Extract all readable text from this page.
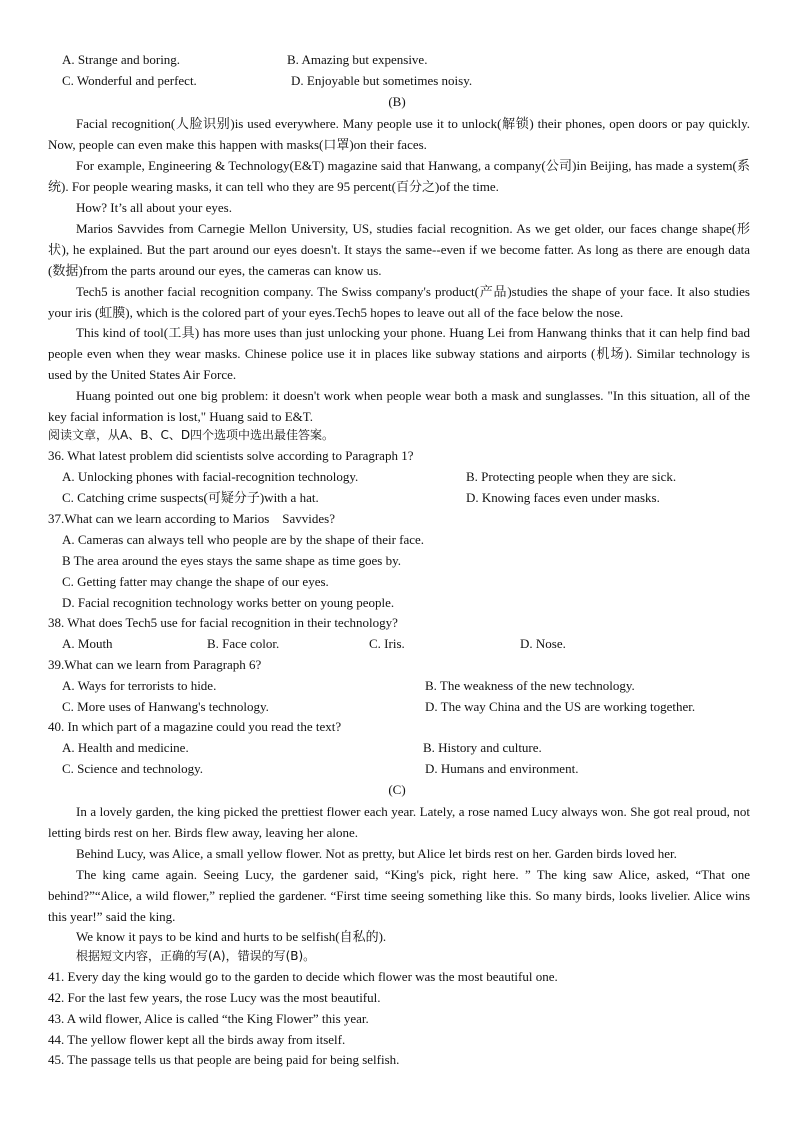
A. Strange and boring.	B. Amazing but expensive.
C. Wonderful and perfect.	D. Enjoyable but sometimes noisy.
(B)
Facial recognition(人脸识别)is used everywhere. Many people use it to unlock(解锁) their phones, open doors or pay quickly. Now, people can even make this happen with masks(口罩)on their faces.
For example, Engineering & Technology(E&T) magazine said that Hanwang, a company(公司)in Beijing, has made a system(系统). For people wearing masks, it can tell who they are 95 percent(百分之)of the time.
How? It’s all about your eyes.
Marios Savvides from Carnegie Mellon University, US, studies facial recognition. As we get older, our faces change shape(形状), he explained. But the part around our eyes doesn't. It stays the same--even if we become fatter. As long as there are enough data (数据)from the parts around our eyes, the cameras can know us.
Tech5 is another facial recognition company. The Swiss company's product(产品)studies the shape of your face. It also studies your iris (虹膜), which is the colored part of your eyes.Tech5 hopes to leave out all of the face below the nose.
This kind of tool(工具) has more uses than just unlocking your phone. Huang Lei from Hanwang thinks that it can help find bad people even when they wear masks. Chinese police use it in places like subway stations and airports (机场). Similar technology is used by the United States Air Force.
Huang pointed out one big problem: it doesn't work when people wear both a mask and sunglasses. "In this situation, all of the key facial information is lost," Huang said to E&T.
阅读文章，从A、B、C、D四个选项中选出最佳答案。
36. What latest problem did scientists solve according to Paragraph 1?
A. Unlocking phones with facial-recognition technology.	B. Protecting people when they are sick.
C. Catching crime suspects(可疑分子)with a hat.	D. Knowing faces even under masks.
37.What can we learn according to Marios    Savvides?
A. Cameras can always tell who people are by the shape of their face.
B The area around the eyes stays the same shape as time goes by.
C. Getting fatter may change the shape of our eyes.
D. Facial recognition technology works better on young people.
38. What does Tech5 use for facial recognition in their technology?
A. Mouth	B. Face color.	C. Iris.	D. Nose.
39.What can we learn from Paragraph 6?
A. Ways for terrorists to hide.	B. The weakness of the new technology.
C. More uses of Hanwang's technology.	D. The way China and the US are working together.
40. In which part of a magazine could you read the text?
A. Health and medicine.	B. History and culture.
C. Science and technology.	D. Humans and environment.
(C)
In a lovely garden, the king picked the prettiest flower each year. Lately, a rose named Lucy always won. She got real proud, not letting birds rest on her. Birds flew away, leaving her alone.
Behind Lucy, was Alice, a small yellow flower. Not as pretty, but Alice let birds rest on her. Garden birds loved her.
The king came again. Seeing Lucy, the gardener said, “King's pick, right here. ” The king saw Alice, asked, “That one behind?”“Alice, a wild flower,” replied the gardener. “First time seeing something like this. So many birds, looks livelier. Alice wins this year!” said the king.
We know it pays to be kind and hurts to be selfish(自私的).
根据短文内容，正确的写(A)，错误的写(B)。
41. Every day the king would go to the garden to decide which flower was the most beautiful one.
42. For the last few years, the rose Lucy was the most beautiful.
43. A wild flower, Alice is called “the King Flower” this year.
44. The yellow flower kept all the birds away from itself.
45. The passage tells us that people are being paid for being selfish.
